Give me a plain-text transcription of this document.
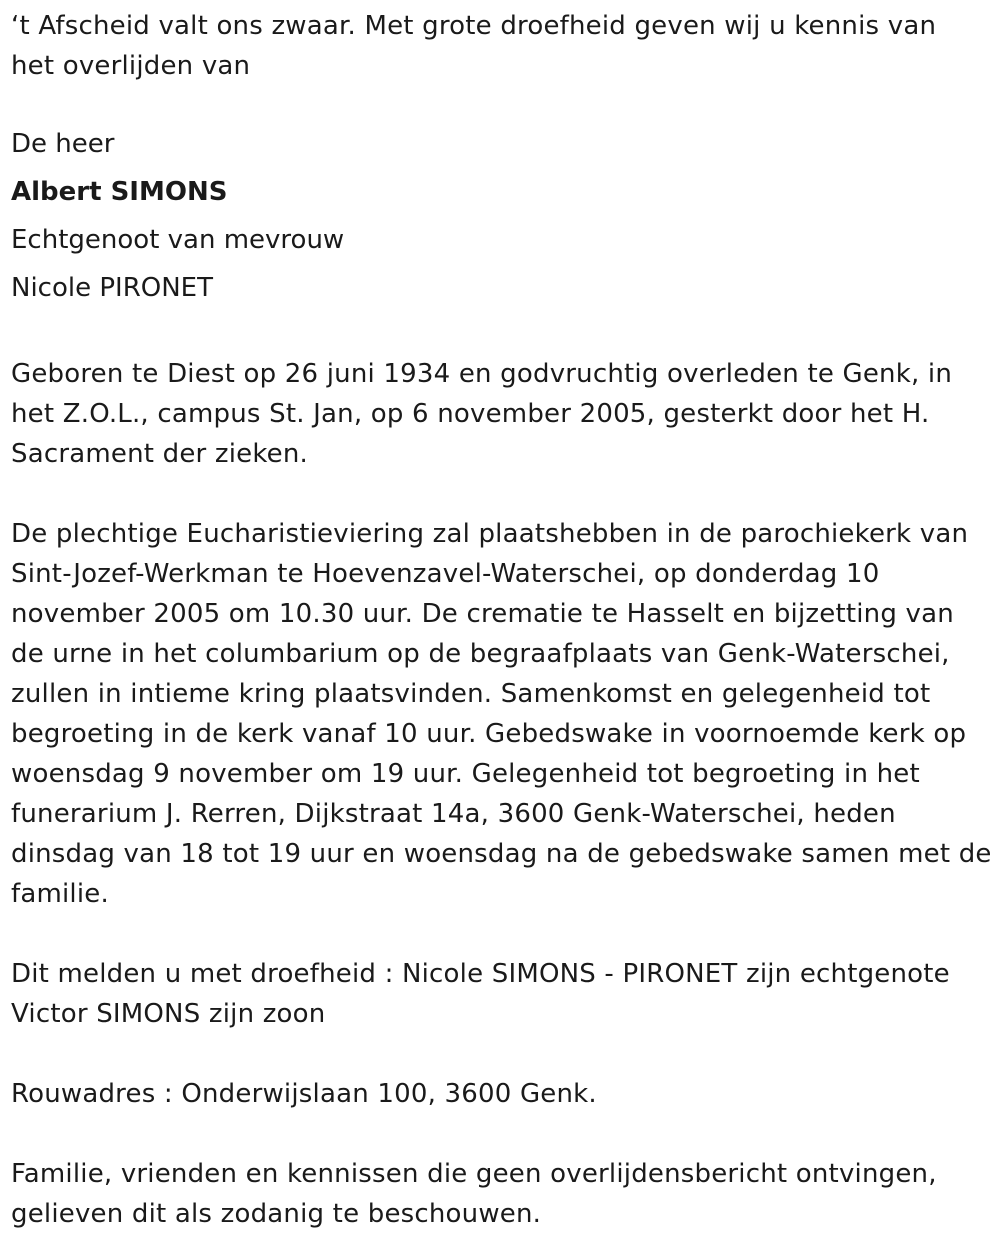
‘t Afscheid valt ons zwaar. Met grote droefheid geven wij u kennis van

het overlijden van

De heer

Albert SIMONS

Echtgenoot van mevrouw

Nicole PIRONET

Geboren te Diest op 26 juni 1934 en godvruchtig overleden te Genk, in

het Z.O.L., campus St. Jan, op 6 november 2005, gesterkt door het H.

Sacrament der zieken.

De plechtige Eucharistieviering zal plaatshebben in de parochiekerk van

Sint-Jozef-Werkman te Hoevenzavel-Waterschei, op donderdag 10

november 2005 om 10.30 uur. De crematie te Hasselt en bijzetting van

de urne in het columbarium op de begraafplaats van Genk-Waterschei,

zullen in intieme kring plaatsvinden. Samenkomst en gelegenheid tot

begroeting in de kerk vanaf 10 uur. Gebedswake in voornoemde kerk op

woensdag 9 november om 19 uur. Gelegenheid tot begroeting in het

funerarium J. Rerren, Dijkstraat 14a, 3600 Genk-Waterschei, heden

dinsdag van 18 tot 19 uur en woensdag na de gebedswake samen met de

familie.

Dit melden u met droefheid : Nicole SIMONS - PIRONET zijn echtgenote

Victor SIMONS zijn zoon

Rouwadres : Onderwijslaan 100, 3600 Genk.

Familie, vrienden en kennissen die geen overlijdensbericht ontvingen,

gelieven dit als zodanig te beschouwen.
